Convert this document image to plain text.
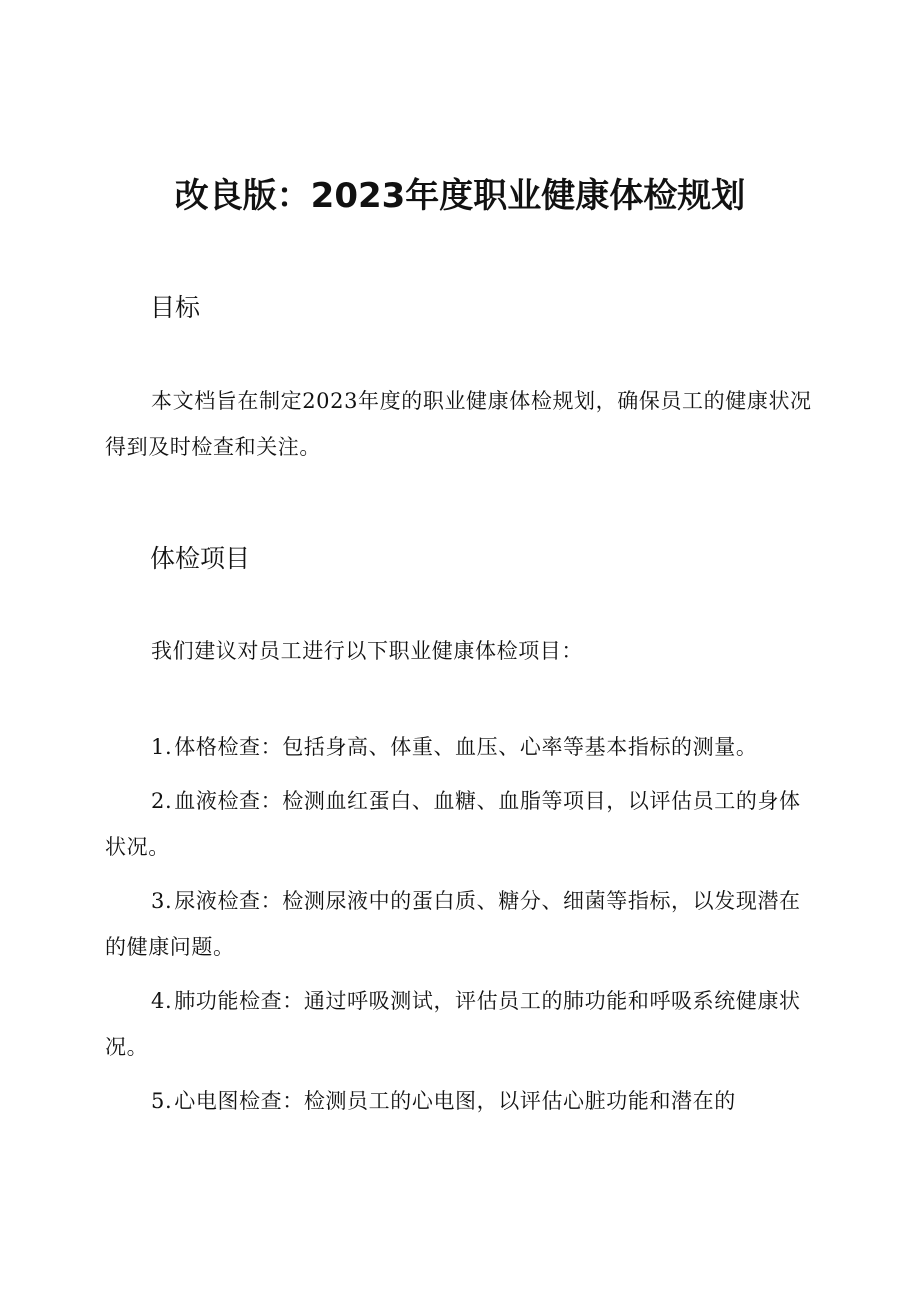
改良版：2023年度职业健康体检规划
目标

本文档旨在制定2023年度的职业健康体检规划，确保员工的健康状况得到及时检查和关注。

体检项目

我们建议对员工进行以下职业健康体检项目：

1.体格检查：包括身高、体重、血压、心率等基本指标的测量。
2.血液检查：检测血红蛋白、血糖、血脂等项目，以评估员工的身体状况。
3.尿液检查：检测尿液中的蛋白质、糖分、细菌等指标，以发现潜在的健康问题。
4.肺功能检查：通过呼吸测试，评估员工的肺功能和呼吸系统健康状况。
5.心电图检查：检测员工的心电图，以评估心脏功能和潜在的
